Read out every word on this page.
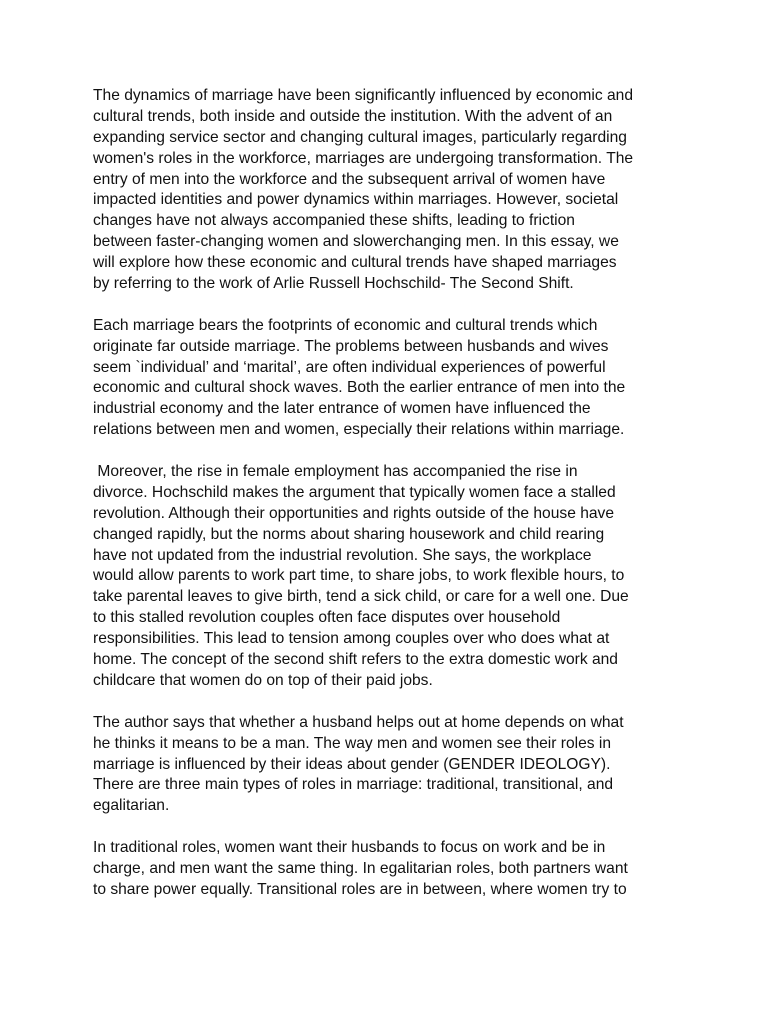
The dynamics of marriage have been significantly influenced by economic and
cultural trends, both inside and outside the institution. With the advent of an
expanding service sector and changing cultural images, particularly regarding
women's roles in the workforce, marriages are undergoing transformation. The
entry of men into the workforce and the subsequent arrival of women have
impacted identities and power dynamics within marriages. However, societal
changes have not always accompanied these shifts, leading to friction
between faster-changing women and slowerchanging men. In this essay, we
will explore how these economic and cultural trends have shaped marriages
by referring to the work of Arlie Russell Hochschild- The Second Shift.
Each marriage bears the footprints of economic and cultural trends which
originate far outside marriage. The problems between husbands and wives
seem `individual’ and ‘marital’, are often individual experiences of powerful
economic and cultural shock waves. Both the earlier entrance of men into the
industrial economy and the later entrance of women have influenced the
relations between men and women, especially their relations within marriage.
Moreover, the rise in female employment has accompanied the rise in
divorce. Hochschild makes the argument that typically women face a stalled
revolution. Although their opportunities and rights outside of the house have
changed rapidly, but the norms about sharing housework and child rearing
have not updated from the industrial revolution. She says, the workplace
would allow parents to work part time, to share jobs, to work flexible hours, to
take parental leaves to give birth, tend a sick child, or care for a well one. Due
to this stalled revolution couples often face disputes over household
responsibilities. This lead to tension among couples over who does what at
home. The concept of the second shift refers to the extra domestic work and
childcare that women do on top of their paid jobs.
The author says that whether a husband helps out at home depends on what
he thinks it means to be a man. The way men and women see their roles in
marriage is influenced by their ideas about gender (GENDER IDEOLOGY).
There are three main types of roles in marriage: traditional, transitional, and
egalitarian.
In traditional roles, women want their husbands to focus on work and be in
charge, and men want the same thing. In egalitarian roles, both partners want
to share power equally. Transitional roles are in between, where women try to
